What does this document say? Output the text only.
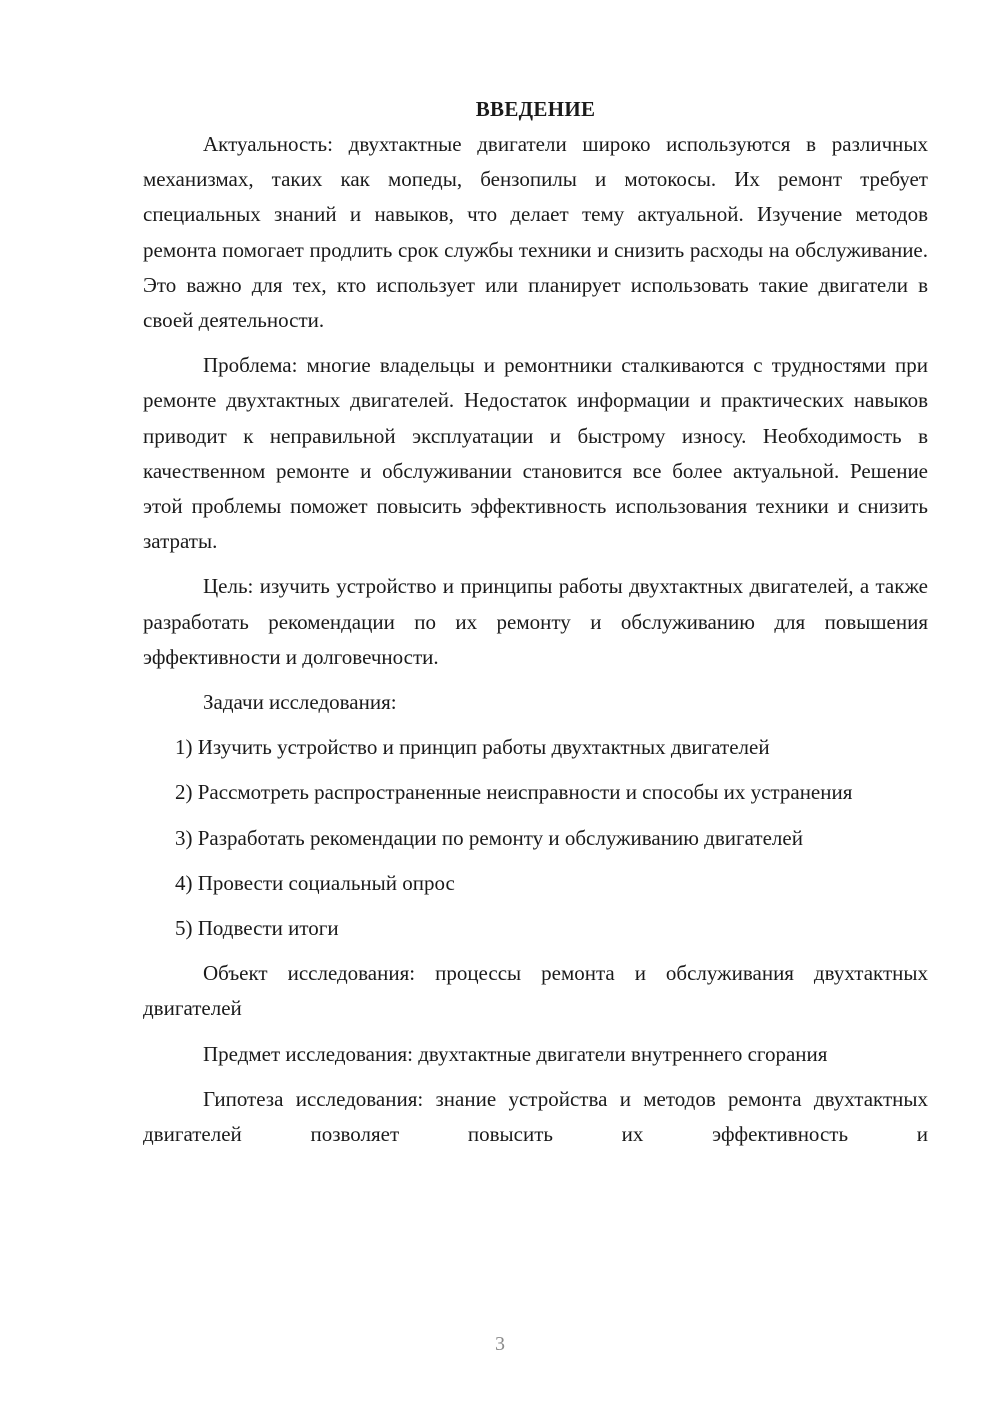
ВВЕДЕНИЕ

Актуальность: двухтактные двигатели широко используются в различных механизмах, таких как мопеды, бензопилы и мотокосы. Их ремонт требует специальных знаний и навыков, что делает тему актуальной. Изучение методов ремонта помогает продлить срок службы техники и снизить расходы на обслуживание. Это важно для тех, кто использует или планирует использовать такие двигатели в своей деятельности.

Проблема: многие владельцы и ремонтники сталкиваются с трудностями при ремонте двухтактных двигателей. Недостаток информации и практических навыков приводит к неправильной эксплуатации и быстрому износу. Необходимость в качественном ремонте и обслуживании становится все более актуальной. Решение этой проблемы поможет повысить эффективность использования техники и снизить затраты.

Цель: изучить устройство и принципы работы двухтактных двигателей, а также разработать рекомендации по их ремонту и обслуживанию для повышения эффективности и долговечности.

Задачи исследования:

1) Изучить устройство и принцип работы двухтактных двигателей

2) Рассмотреть распространенные неисправности и способы их устранения

3) Разработать рекомендации по ремонту и обслуживанию двигателей

4) Провести социальный опрос

5) Подвести итоги

Объект исследования: процессы ремонта и обслуживания двухтактных двигателей

Предмет исследования: двухтактные двигатели внутреннего сгорания

Гипотеза исследования: знание устройства и методов ремонта двухтактных двигателей позволяет повысить их эффективность и

3
